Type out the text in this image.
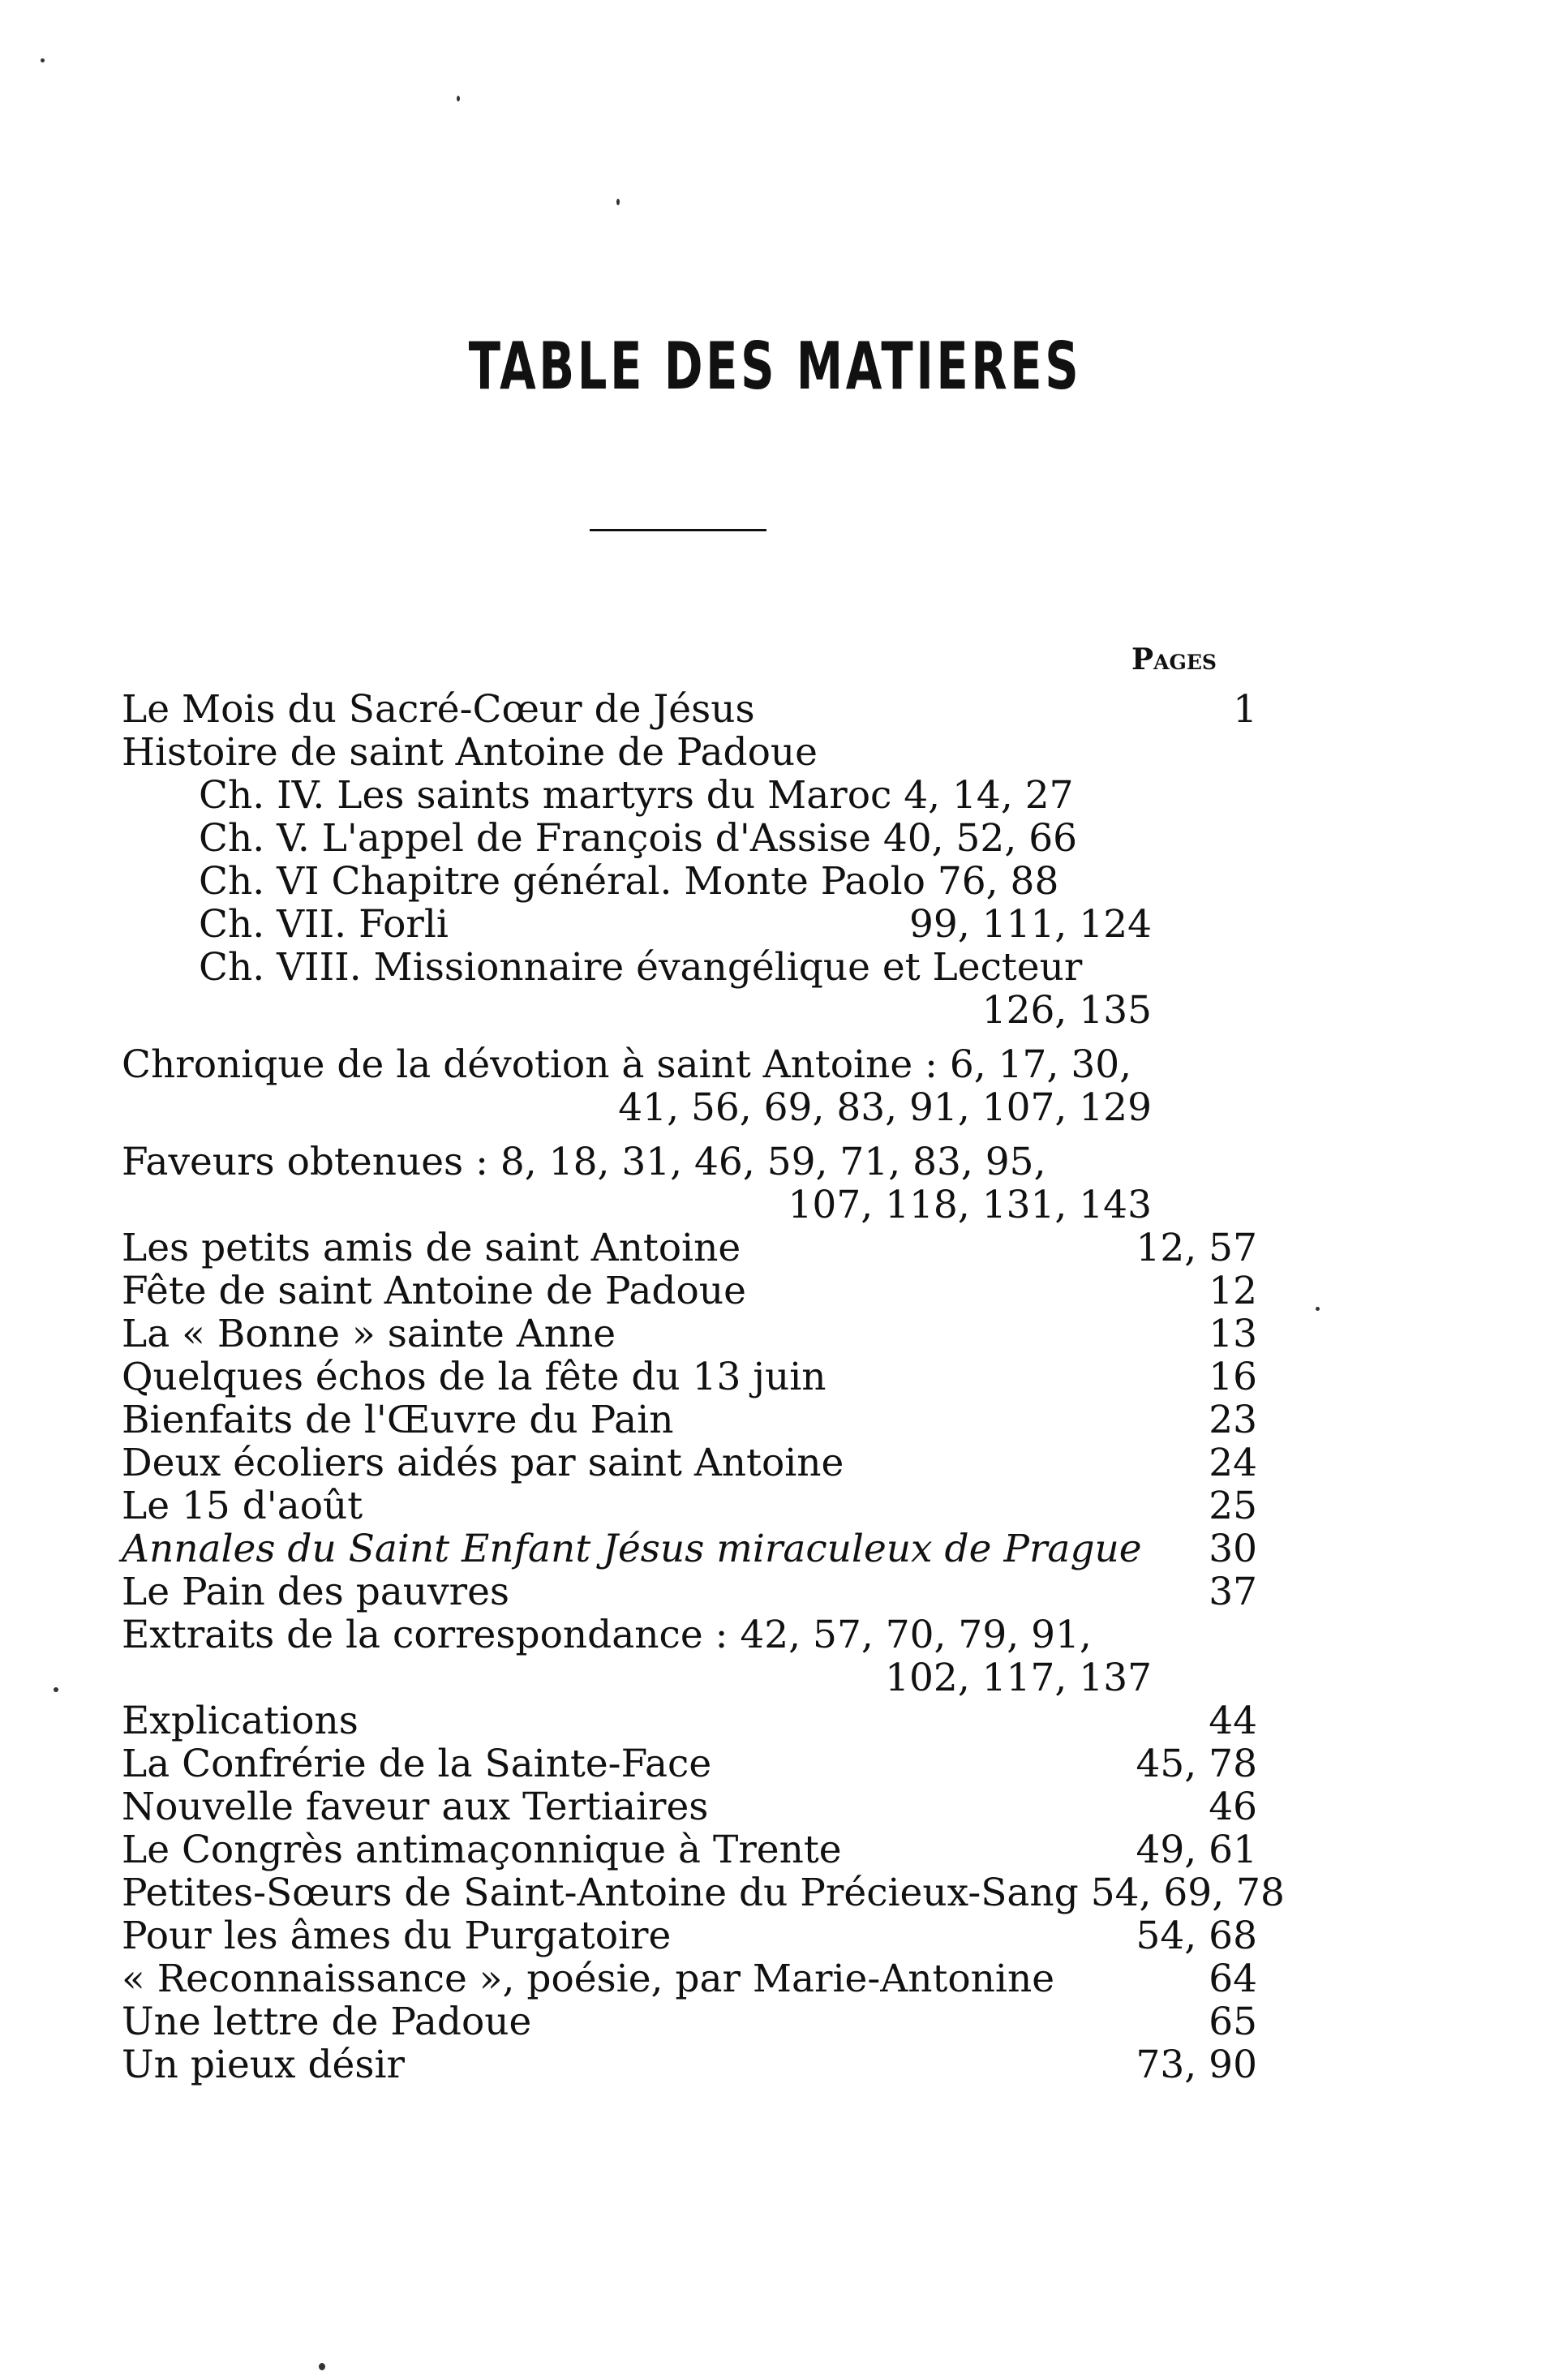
TABLE DES MATIERES
Pages
Le Mois du Sacré-Cœur de Jésus	1
Histoire de saint Antoine de Padoue
Ch. IV. Les saints martyrs du Maroc 4, 14, 27
Ch. V. L'appel de François d'Assise 40, 52, 66
Ch. VI Chapitre général. Monte Paolo 76, 88
Ch. VII. Forli	99, 111, 124
Ch. VIII. Missionnaire évangélique et Lecteur
126, 135
Chronique de la dévotion à saint Antoine : 6, 17, 30,
41, 56, 69, 83, 91, 107, 129
Faveurs obtenues : 8, 18, 31, 46, 59, 71, 83, 95,
107, 118, 131, 143
Les petits amis de saint Antoine	12, 57
Fête de saint Antoine de Padoue	12
La « Bonne » sainte Anne	13
Quelques échos de la fête du 13 juin	16
Bienfaits de l'Œuvre du Pain	23
Deux écoliers aidés par saint Antoine	24
Le 15 d'août	25
Annales du Saint Enfant Jésus miraculeux de Prague 30
Le Pain des pauvres	37
Extraits de la correspondance : 42, 57, 70, 79, 91,
102, 117, 137
Explications	44
La Confrérie de la Sainte-Face	45, 78
Nouvelle faveur aux Tertiaires	46
Le Congrès antimaçonnique à Trente	49, 61
Petites-Sœurs de Saint-Antoine du Précieux-Sang 54, 69, 78
Pour les âmes du Purgatoire	54, 68
« Reconnaissance », poésie, par Marie-Antonine	64
Une lettre de Padoue	65
Un pieux désir	73, 90
